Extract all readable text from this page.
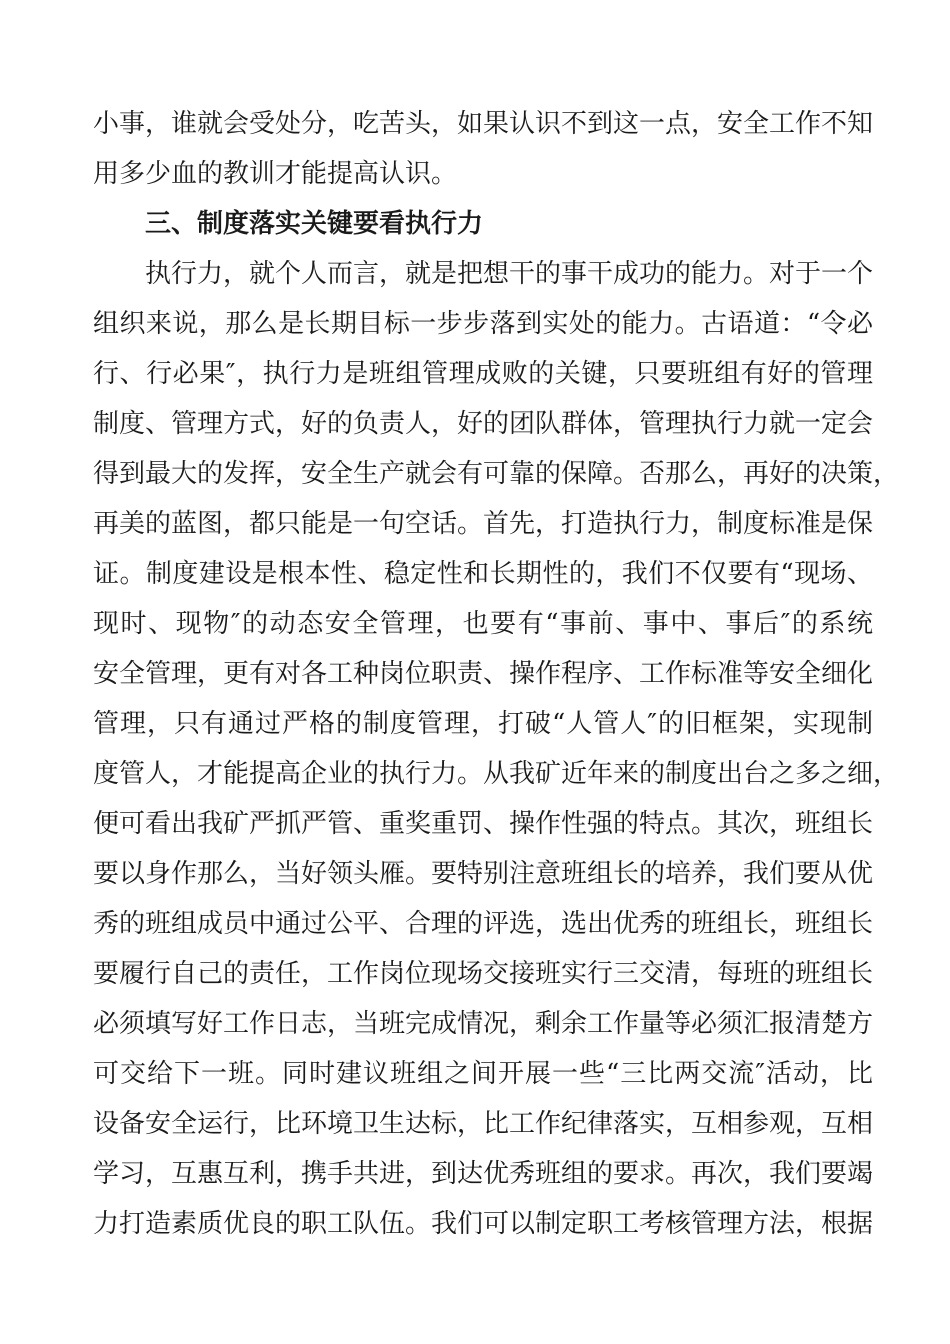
小事，谁就会受处分，吃苦头，如果认识不到这一点，安全工作不知
用多少血的教训才能提高认识。
三、制度落实关键要看执行力
执行力，就个人而言，就是把想干的事干成功的能力。对于一个
组织来说，那么是长期目标一步步落到实处的能力。古语道：“令必
行、行必果″，执行力是班组管理成败的关键，只要班组有好的管理
制度、管理方式，好的负责人，好的团队群体，管理执行力就一定会
得到最大的发挥，安全生产就会有可靠的保障。否那么，再好的决策，
再美的蓝图，都只能是一句空话。首先，打造执行力，制度标准是保
证。制度建设是根本性、稳定性和长期性的，我们不仅要有“现场、
现时、现物″的动态安全管理，也要有“事前、事中、事后″的系统
安全管理，更有对各工种岗位职责、操作程序、工作标准等安全细化
管理，只有通过严格的制度管理，打破“人管人″的旧框架，实现制
度管人，才能提高企业的执行力。从我矿近年来的制度出台之多之细，
便可看出我矿严抓严管、重奖重罚、操作性强的特点。其次，班组长
要以身作那么，当好领头雁。要特别注意班组长的培养，我们要从优
秀的班组成员中通过公平、合理的评选，选出优秀的班组长，班组长
要履行自己的责任，工作岗位现场交接班实行三交清，每班的班组长
必须填写好工作日志，当班完成情况，剩余工作量等必须汇报清楚方
可交给下一班。同时建议班组之间开展一些“三比两交流″活动，比
设备安全运行，比环境卫生达标，比工作纪律落实，互相参观，互相
学习，互惠互利，携手共进，到达优秀班组的要求。再次，我们要竭
力打造素质优良的职工队伍。我们可以制定职工考核管理方法，根据
